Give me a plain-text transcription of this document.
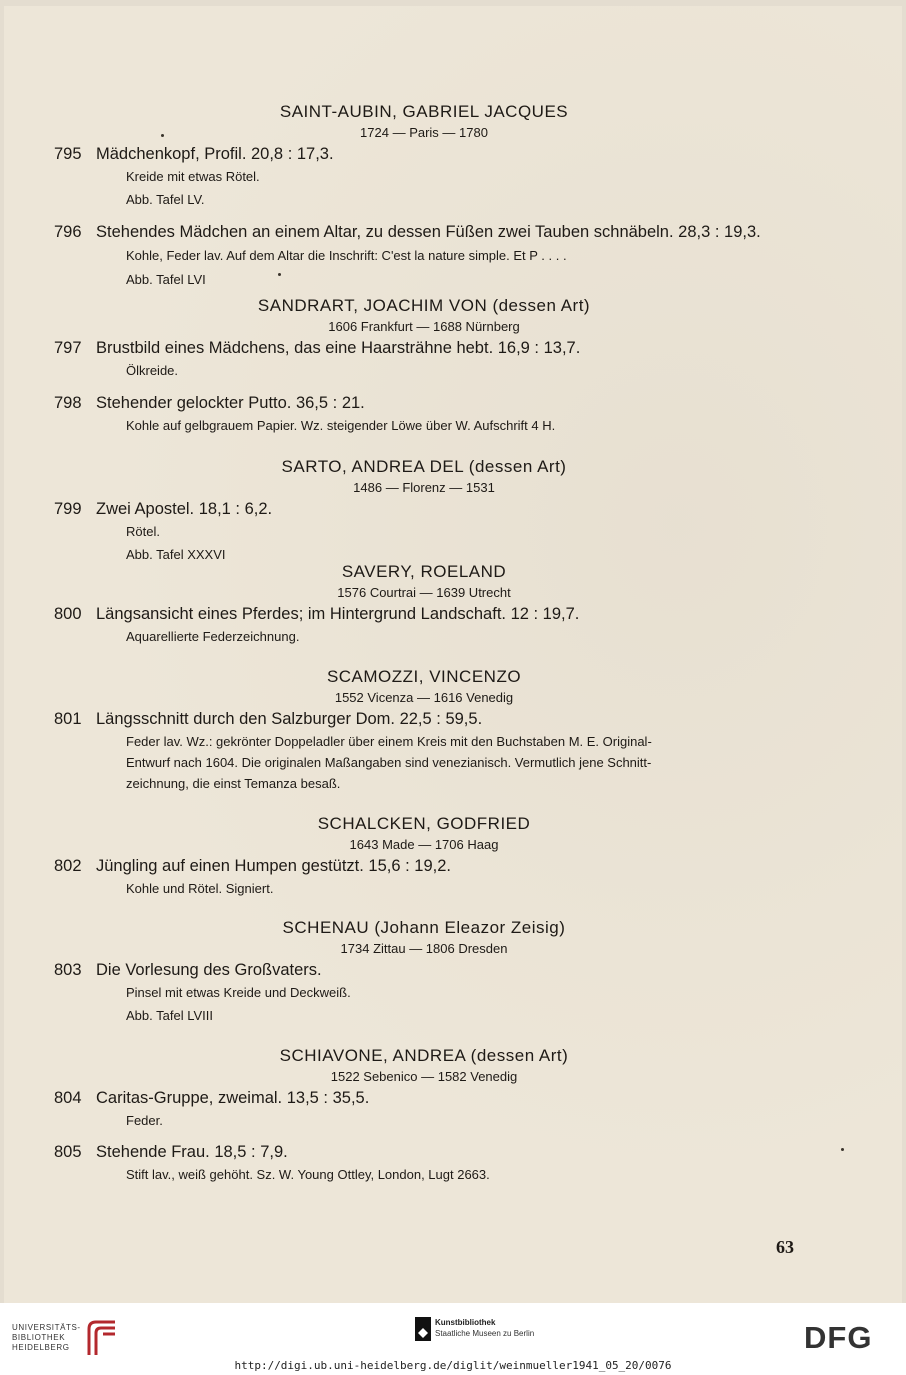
SAINT-AUBIN, GABRIEL JACQUES
1724 — Paris — 1780
795 Mädchenkopf, Profil. 20,8 : 17,3.
Kreide mit etwas Rötel.
Abb. Tafel LV.
796 Stehendes Mädchen an einem Altar, zu dessen Füßen zwei Tauben schnäbeln. 28,3 : 19,3.
Kohle, Feder lav. Auf dem Altar die Inschrift: C'est la nature simple. Et P . . . .
Abb. Tafel LVI
SANDRART, JOACHIM VON (dessen Art)
1606 Frankfurt — 1688 Nürnberg
797 Brustbild eines Mädchens, das eine Haarsträhne hebt. 16,9 : 13,7.
Ölkreide.
798 Stehender gelockter Putto. 36,5 : 21.
Kohle auf gelbgrauem Papier. Wz. steigender Löwe über W. Aufschrift 4 H.
SARTO, ANDREA DEL (dessen Art)
1486 — Florenz — 1531
799 Zwei Apostel. 18,1 : 6,2.
Rötel.
Abb. Tafel XXXVI
SAVERY, ROELAND
1576 Courtrai — 1639 Utrecht
800 Längsansicht eines Pferdes; im Hintergrund Landschaft. 12 : 19,7.
Aquarellierte Federzeichnung.
SCAMOZZI, VINCENZO
1552 Vicenza — 1616 Venedig
801 Längsschnitt durch den Salzburger Dom. 22,5 : 59,5.
Feder lav. Wz.: gekrönter Doppeladler über einem Kreis mit den Buchstaben M. E. Original-
Entwurf nach 1604. Die originalen Maßangaben sind venezianisch. Vermutlich jene Schnitt-
zeichnung, die einst Temanza besaß.
SCHALCKEN, GODFRIED
1643 Made — 1706 Haag
802 Jüngling auf einen Humpen gestützt. 15,6 : 19,2.
Kohle und Rötel. Signiert.
SCHENAU (Johann Eleazor Zeisig)
1734 Zittau — 1806 Dresden
803 Die Vorlesung des Großvaters.
Pinsel mit etwas Kreide und Deckweiß.
Abb. Tafel LVIII
SCHIAVONE, ANDREA (dessen Art)
1522 Sebenico — 1582 Venedig
804 Caritas-Gruppe, zweimal. 13,5 : 35,5.
Feder.
805 Stehende Frau. 18,5 : 7,9.
Stift lav., weiß gehöht. Sz. W. Young Ottley, London, Lugt 2663.
63
UNIVERSITÄTS-
BIBLIOTHEK
HEIDELBERG
Kunstbibliothek
Staatliche Museen zu Berlin	DFG
http://digi.ub.uni-heidelberg.de/diglit/weinmueller1941_05_20/0076
